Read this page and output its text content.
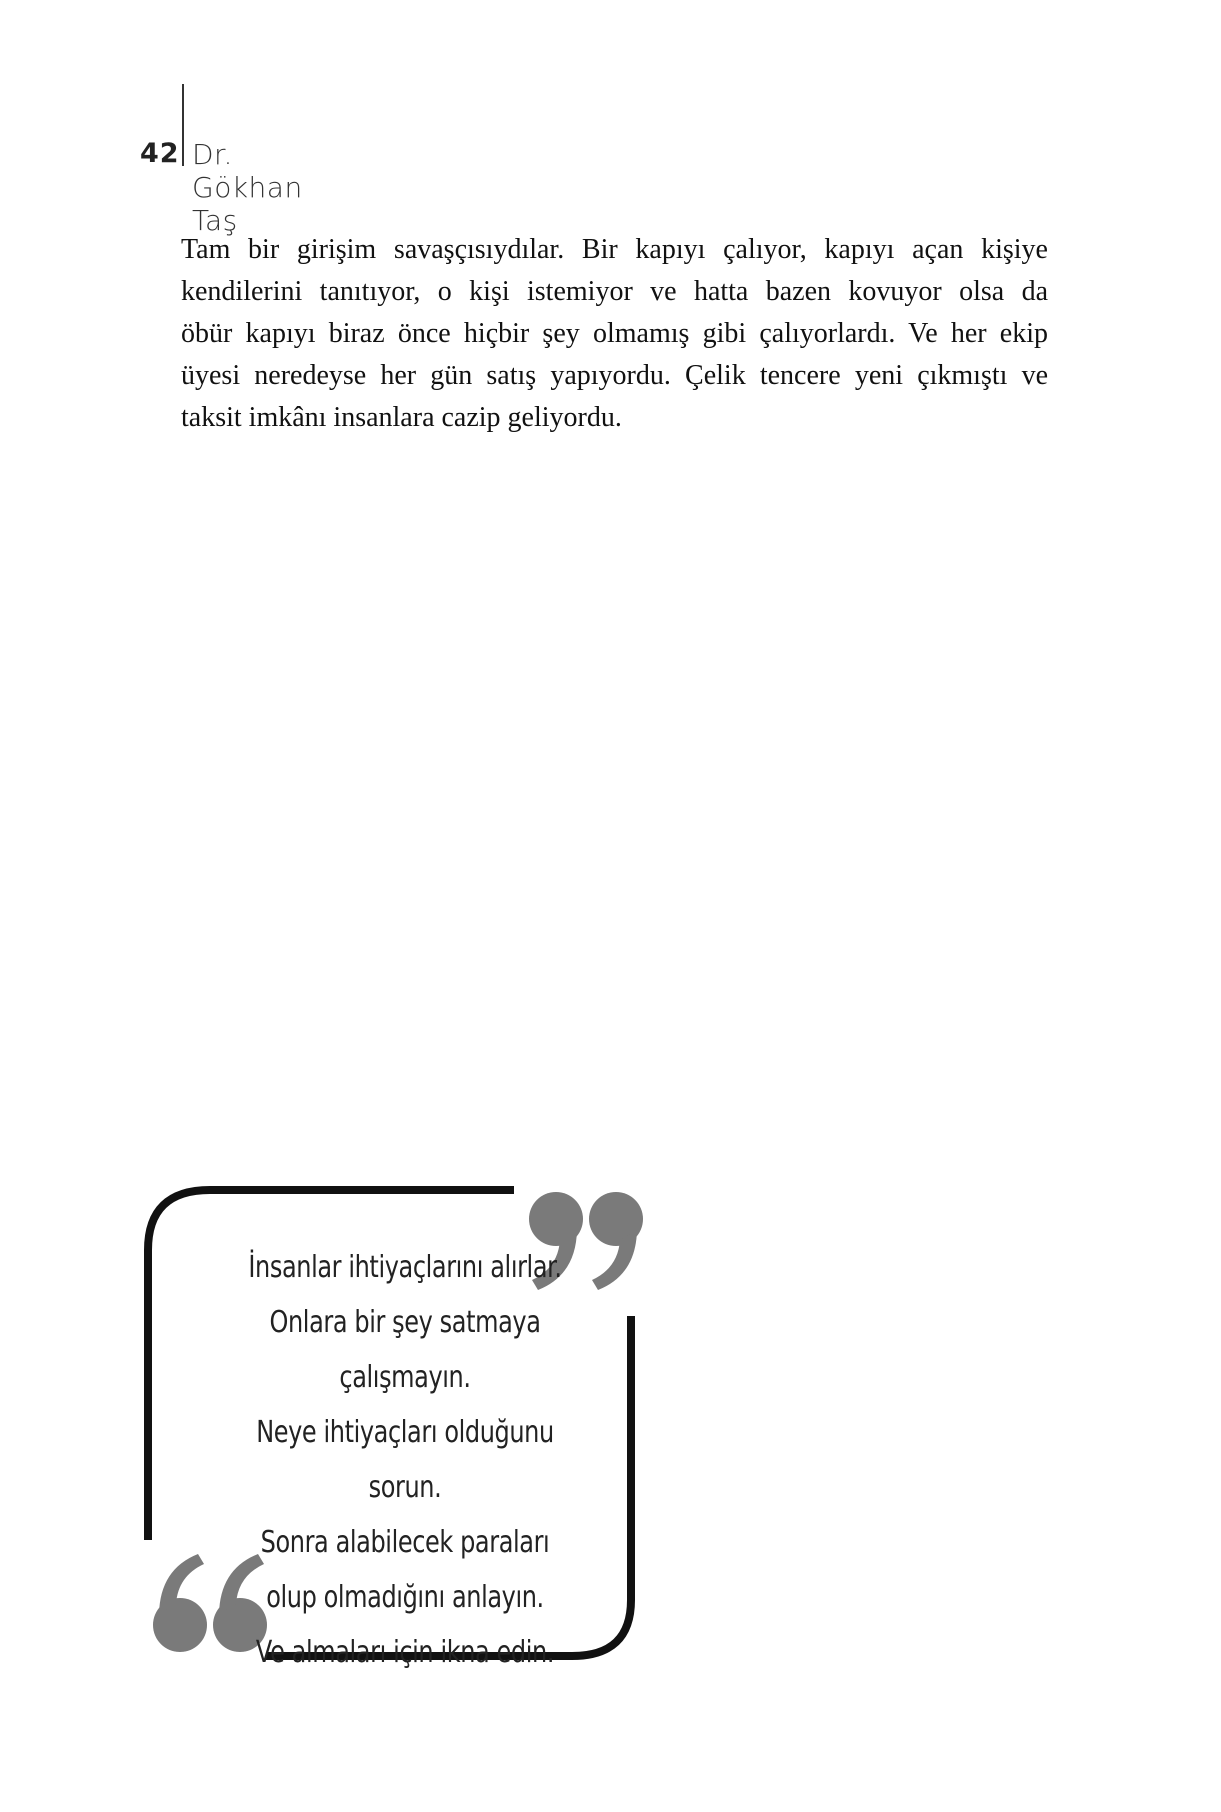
42 Dr. Gökhan Taş

Tam bir girişim savaşçısıydılar. Bir kapıyı çalıyor, kapıyı açan kişiye
kendilerini tanıtıyor, o kişi istemiyor ve hatta bazen kovuyor olsa da
öbür kapıyı biraz önce hiçbir şey olmamış gibi çalıyorlardı. Ve her ekip
üyesi neredeyse her gün satış yapıyordu. Çelik tencere yeni çıkmıştı ve
taksit imkânı insanlara cazip geliyordu.

İnsanlar ihtiyaçlarını alırlar.
Onlara bir şey satmaya çalışmayın.
Neye ihtiyaçları olduğunu sorun.
Sonra alabilecek paraları
olup olmadığını anlayın.
Ve almaları için ikna edin.
